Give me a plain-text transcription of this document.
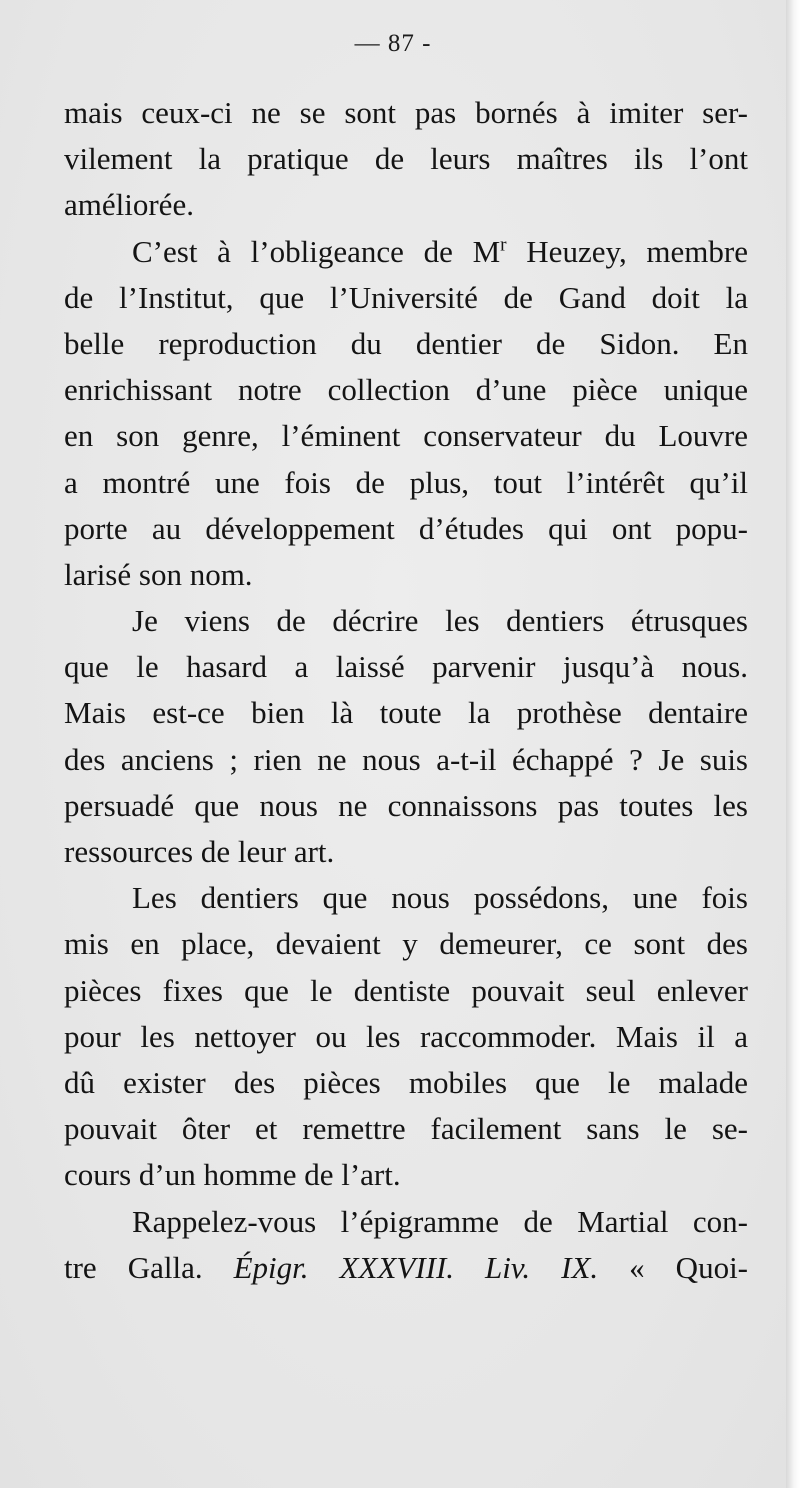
— 87 -
mais ceux-ci ne se sont pas bornés à imiter ser-
vilement la pratique de leurs maîtres ils l’ont
améliorée.
C’est à l’obligeance de $M^r$ Heuzey, membre
de l’Institut, que l’Université de Gand doit la
belle reproduction du dentier de Sidon. En
enrichissant notre collection d’une pièce unique
en son genre, l’éminent conservateur du Louvre
a montré une fois de plus, tout l’intérêt qu’il
porte au développement d’études qui ont popu-
larisé son nom.
Je viens de décrire les dentiers étrusques
que le hasard a laissé parvenir jusqu’à nous.
Mais est-ce bien là toute la prothèse dentaire
des anciens ; rien ne nous a-t-il échappé ? Je suis
persuadé que nous ne connaissons pas toutes les
ressources de leur art.
Les dentiers que nous possédons, une fois
mis en place, devaient y demeurer, ce sont des
pièces fixes que le dentiste pouvait seul enlever
pour les nettoyer ou les raccommoder. Mais il a
dû exister des pièces mobiles que le malade
pouvait ôter et remettre facilement sans le se-
cours d’un homme de l’art.
Rappelez-vous l’épigramme de Martial con-
tre Galla. Épigr. XXXVIII. Liv. IX. « Quoi-
